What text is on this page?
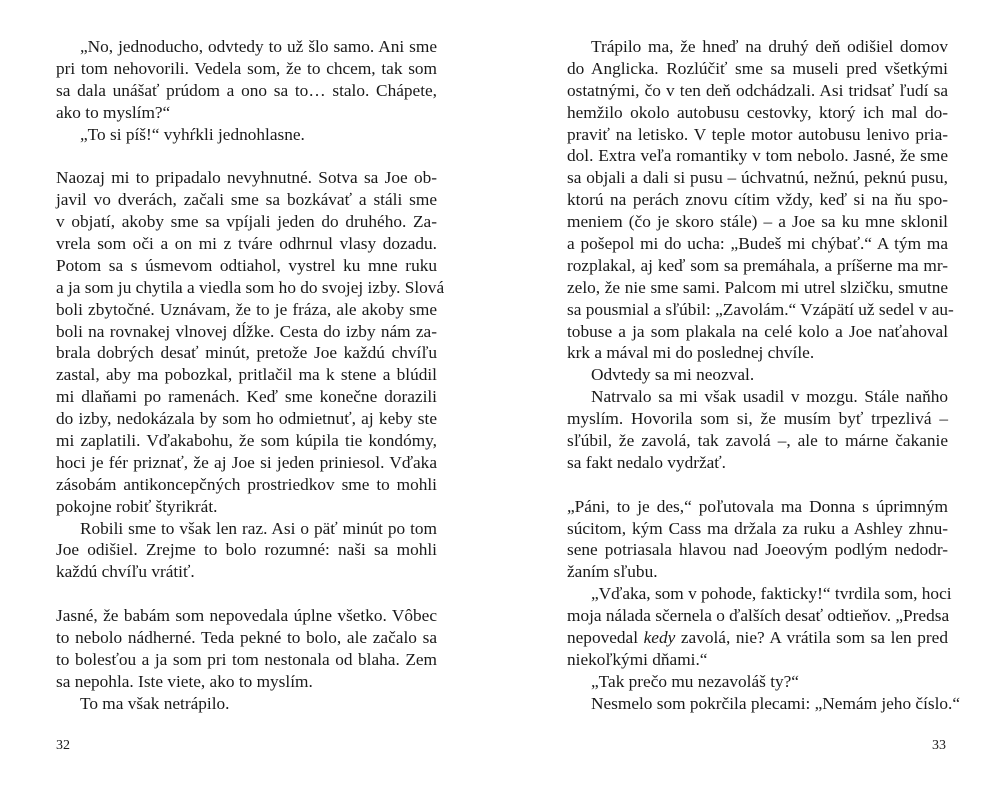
„No, jednoducho, odvtedy to už šlo samo. Ani sme
pri tom nehovorili. Vedela som, že to chcem, tak som
sa dala unášať prúdom a ono sa to… stalo. Chápete,
ako to myslím?“
„To si píš!“ vyhŕkli jednohlasne.
Naozaj mi to pripadalo nevyhnutné. Sotva sa Joe ob-
javil vo dverách, začali sme sa bozkávať a stáli sme
v objatí, akoby sme sa vpíjali jeden do druhého. Za-
vrela som oči a on mi z tváre odhrnul vlasy dozadu.
Potom sa s úsmevom odtiahol, vystrel ku mne ruku
a ja som ju chytila a viedla som ho do svojej izby. Slová
boli zbytočné. Uznávam, že to je fráza, ale akoby sme
boli na rovnakej vlnovej dĺžke. Cesta do izby nám za-
brala dobrých desať minút, pretože Joe každú chvíľu
zastal, aby ma pobozkal, pritlačil ma k stene a blúdil
mi dlaňami po ramenách. Keď sme konečne dorazili
do izby, nedokázala by som ho odmietnuť, aj keby ste
mi zaplatili. Vďakabohu, že som kúpila tie kondómy,
hoci je fér priznať, že aj Joe si jeden priniesol. Vďaka
zásobám antikoncepčných prostriedkov sme to mohli
pokojne robiť štyrikrát.
Robili sme to však len raz. Asi o päť minút po tom
Joe odišiel. Zrejme to bolo rozumné: naši sa mohli
každú chvíľu vrátiť.
Jasné, že babám som nepovedala úplne všetko. Vôbec
to nebolo nádherné. Teda pekné to bolo, ale začalo sa
to bolesťou a ja som pri tom nestonala od blaha. Zem
sa nepohla. Iste viete, ako to myslím.
To ma však netrápilo.
Trápilo ma, že hneď na druhý deň odišiel domov
do Anglicka. Rozlúčiť sme sa museli pred všetkými
ostatnými, čo v ten deň odchádzali. Asi tridsať ľudí sa
hemžilo okolo autobusu cestovky, ktorý ich mal do-
praviť na letisko. V teple motor autobusu lenivo pria-
dol. Extra veľa romantiky v tom nebolo. Jasné, že sme
sa objali a dali si pusu – úchvatnú, nežnú, peknú pusu,
ktorú na perách znovu cítim vždy, keď si na ňu spo-
meniem (čo je skoro stále) – a Joe sa ku mne sklonil
a pošepol mi do ucha: „Budeš mi chýbať.“ A tým ma
rozplakal, aj keď som sa premáhala, a príšerne ma mr-
zelo, že nie sme sami. Palcom mi utrel slzičku, smutne
sa pousmial a sľúbil: „Zavolám.“ Vzápätí už sedel v au-
tobuse a ja som plakala na celé kolo a Joe naťahoval
krk a mával mi do poslednej chvíle.
Odvtedy sa mi neozval.
Natrvalo sa mi však usadil v mozgu. Stále naňho
myslím. Hovorila som si, že musím byť trpezlivá –
sľúbil, že zavolá, tak zavolá –, ale to márne čakanie
sa fakt nedalo vydržať.
„Páni, to je des,“ poľutovala ma Donna s úprimným
súcitom, kým Cass ma držala za ruku a Ashley zhnu-
sene potriasala hlavou nad Joeovým podlým nedodr-
žaním sľubu.
„Vďaka, som v pohode, fakticky!“ tvrdila som, hoci
moja nálada sčernela o ďalších desať odtieňov. „Predsa
nepovedal kedy zavolá, nie? A vrátila som sa len pred
niekoľkými dňami.“
„Tak prečo mu nezavoláš ty?“
Nesmelo som pokrčila plecami: „Nemám jeho číslo.“
32	33
